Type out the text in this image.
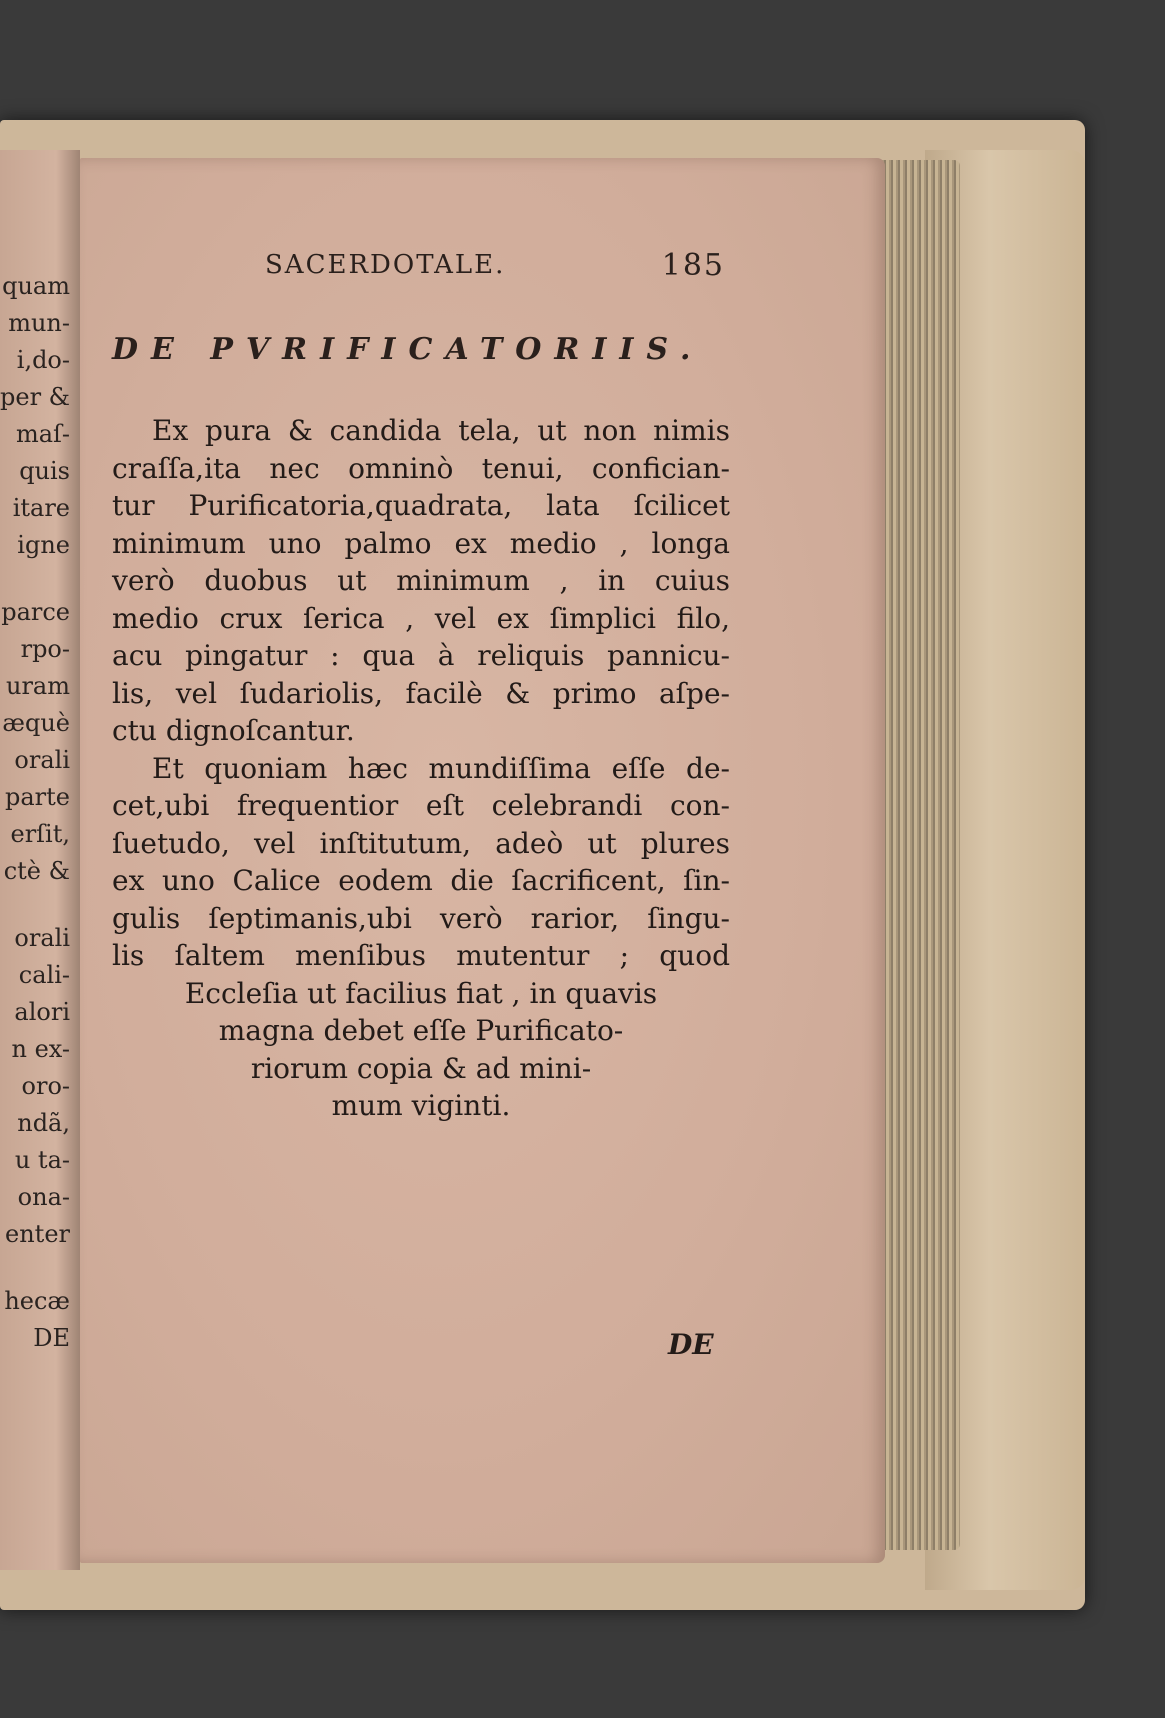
quam
mun-
i,do-
per &
maſ-
quis
itare
igne
parce
rpo-
uram
æquè
orali
parte
erſit,
ctè &
orali
cali-
alori
n ex-
oro-
ndã,
u ta-
ona-
enter
hecæ
DE
SACERDOTALE.	185
DE PVRIFICATORIIS.
Ex pura & candida tela, ut non nimis
craſſa,ita nec omninò tenui, confician-
tur Purificatoria,quadrata, lata ſcilicet
minimum uno palmo ex medio , longa
verò duobus ut minimum , in cuius
medio crux ſerica , vel ex ſimplici filo,
acu pingatur : qua à reliquis pannicu-
lis, vel ſudariolis, facilè & primo aſpe-
ctu dignoſcantur.
Et quoniam hæc mundiſſima eſſe de-
cet,ubi frequentior eſt celebrandi con-
ſuetudo, vel inſtitutum, adeò ut plures
ex uno Calice eodem die ſacrificent, ſin-
gulis ſeptimanis,ubi verò rarior, ſingu-
lis ſaltem menſibus mutentur ; quod
Eccleſia ut facilius fiat , in quavis
magna debet eſſe Purificato-
riorum copia & ad mini-
mum viginti.
DE
